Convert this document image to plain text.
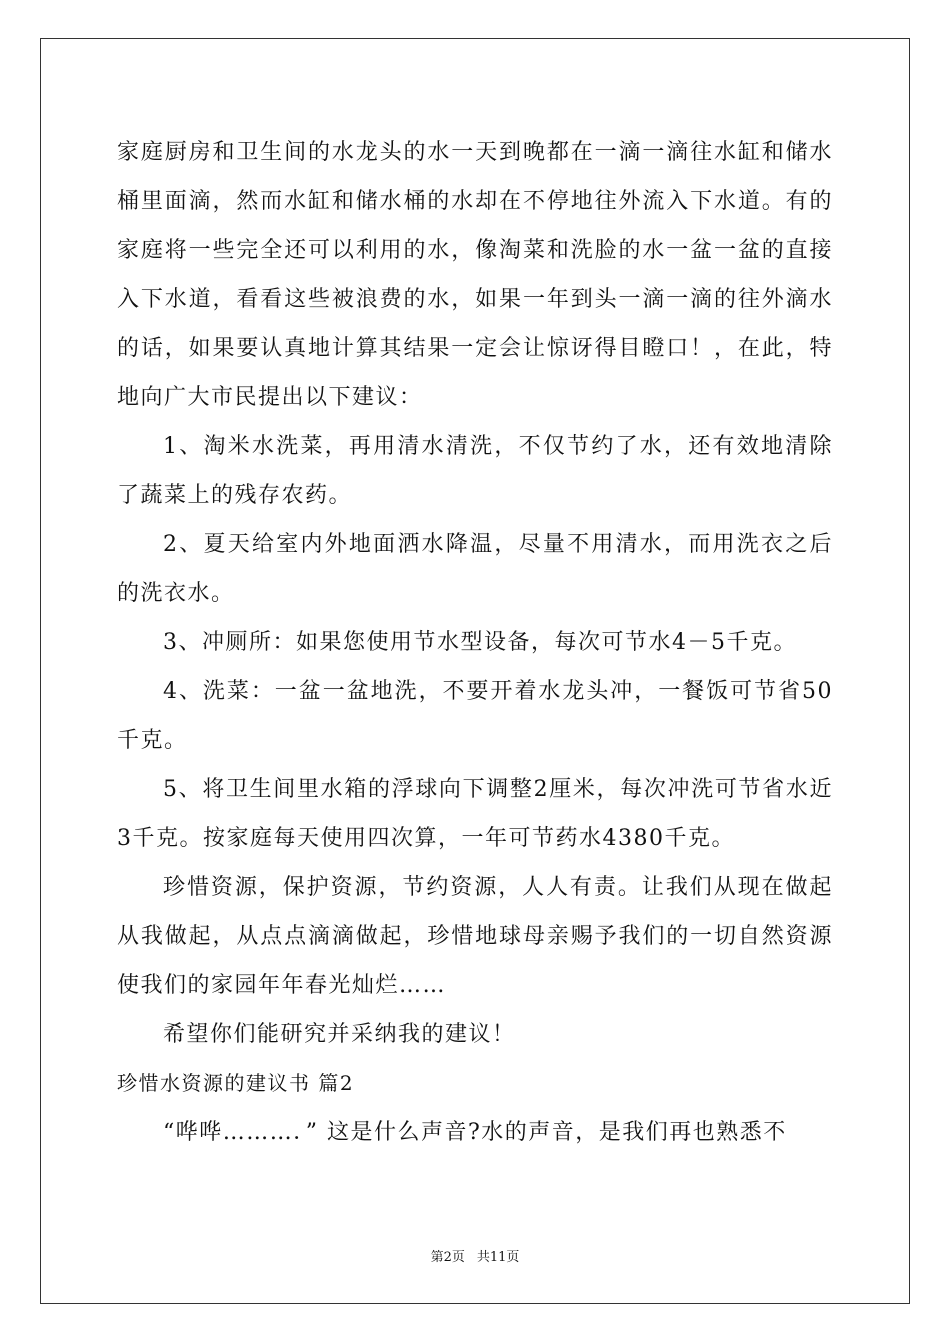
家庭厨房和卫生间的水龙头的水一天到晚都在一滴一滴往水缸和储水桶里面滴，然而水缸和储水桶的水却在不停地往外流入下水道。有的家庭将一些完全还可以利用的水，像淘菜和洗脸的水一盆一盆的直接入下水道，看看这些被浪费的水，如果一年到头一滴一滴的往外滴水的话，如果要认真地计算其结果一定会让惊讶得目瞪口！，在此，特地向广大市民提出以下建议：

1、淘米水洗菜，再用清水清洗，不仅节约了水，还有效地清除了蔬菜上的残存农药。

2、夏天给室内外地面洒水降温，尽量不用清水，而用洗衣之后的洗衣水。

3、冲厕所：如果您使用节水型设备，每次可节水4－5千克。

4、洗菜：一盆一盆地洗，不要开着水龙头冲，一餐饭可节省50千克。

5、将卫生间里水箱的浮球向下调整2厘米，每次冲洗可节省水近3千克。按家庭每天使用四次算，一年可节药水4380千克。

珍惜资源，保护资源，节约资源，人人有责。让我们从现在做起从我做起，从点点滴滴做起，珍惜地球母亲赐予我们的一切自然资源使我们的家园年年春光灿烂……

希望你们能研究并采纳我的建议！

珍惜水资源的建议书 篇2

“哗哗………．” 这是什么声音?水的声音，是我们再也熟悉不

第2页 共11页
